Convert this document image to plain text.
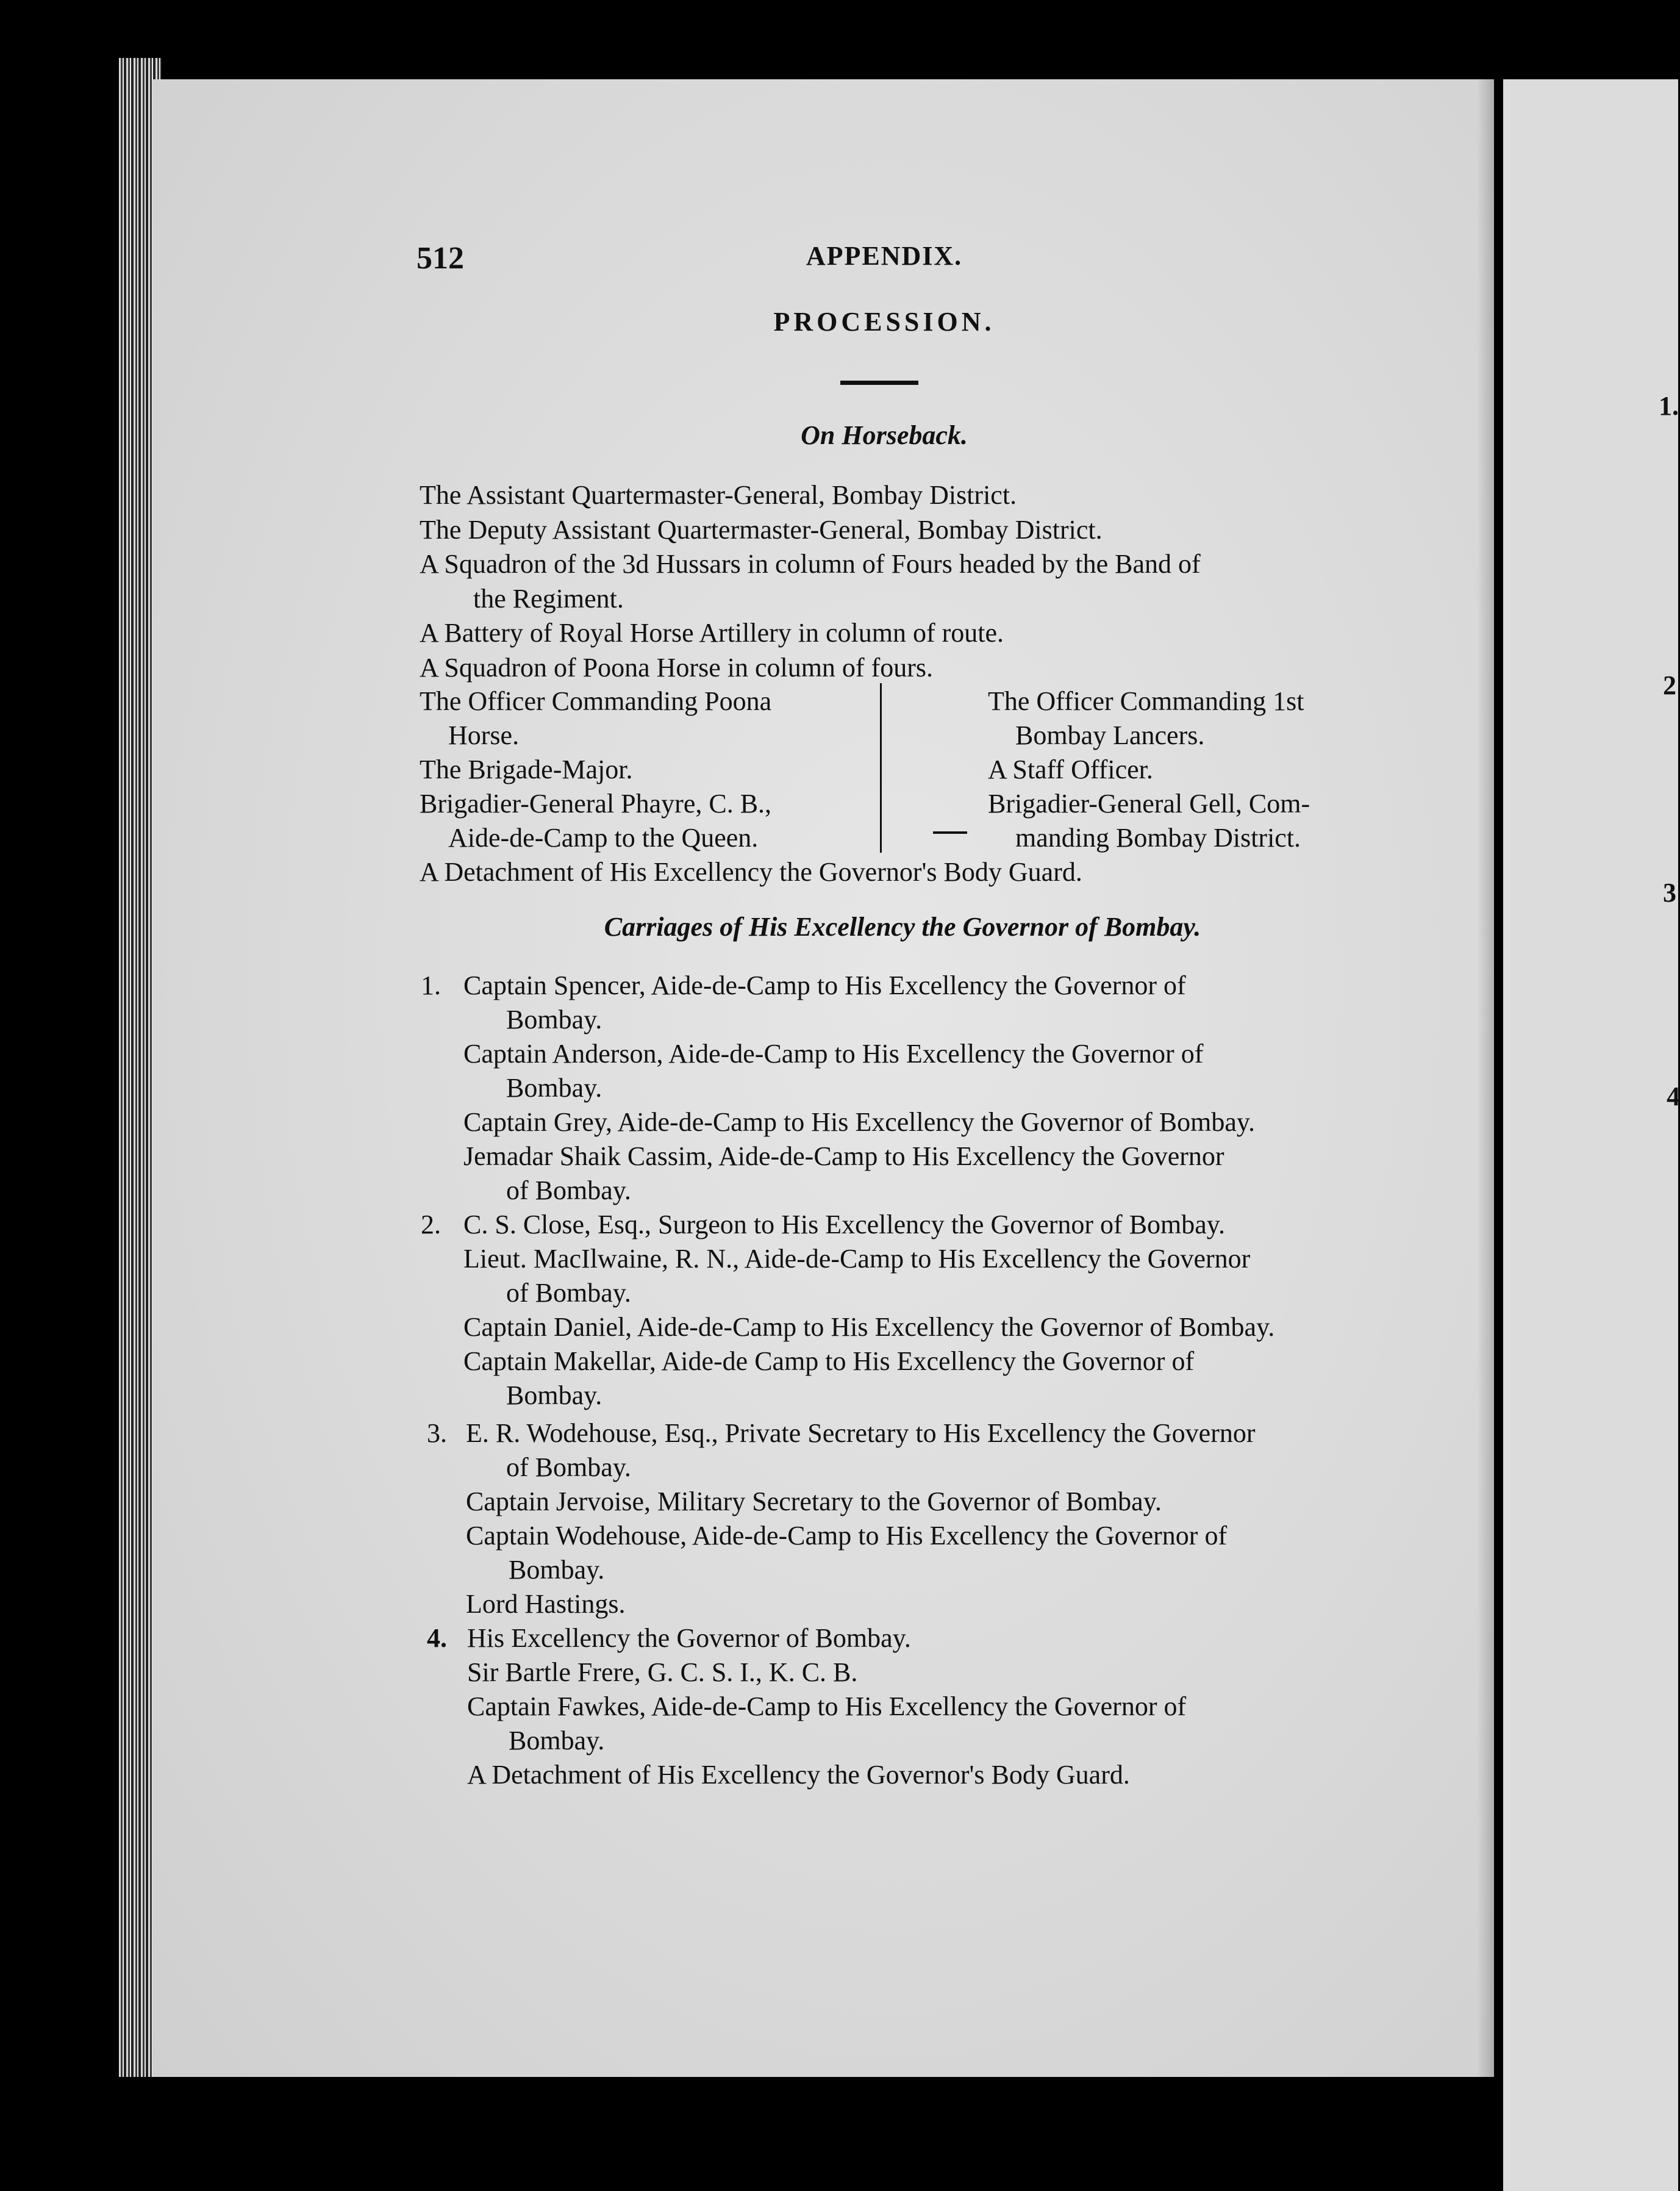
1.
2
3
4
512	APPENDIX.
PROCESSION.
On Horseback.
The Assistant Quartermaster-General, Bombay District.
The Deputy Assistant Quartermaster-General, Bombay District.
A Squadron of the 3d Hussars in column of Fours headed by the Band of
the Regiment.
A Battery of Royal Horse Artillery in column of route.
A Squadron of Poona Horse in column of fours.
The Officer Commanding Poona
Horse.
The Brigade-Major.
Brigadier-General Phayre, C. B.,
Aide-de-Camp to the Queen.
The Officer Commanding 1st
Bombay Lancers.
A Staff Officer.
Brigadier-General Gell, Com-
manding Bombay District.
A Detachment of His Excellency the Governor's Body Guard.
Carriages of His Excellency the Governor of Bombay.
1. Captain Spencer, Aide-de-Camp to His Excellency the Governor of
Bombay.
Captain Anderson, Aide-de-Camp to His Excellency the Governor of
Bombay.
Captain Grey, Aide-de-Camp to His Excellency the Governor of Bombay.
Jemadar Shaik Cassim, Aide-de-Camp to His Excellency the Governor
of Bombay.
2. C. S. Close, Esq., Surgeon to His Excellency the Governor of Bombay.
Lieut. MacIlwaine, R. N., Aide-de-Camp to His Excellency the Governor
of Bombay.
Captain Daniel, Aide-de-Camp to His Excellency the Governor of Bombay.
Captain Makellar, Aide-de Camp to His Excellency the Governor of
Bombay.
3. E. R. Wodehouse, Esq., Private Secretary to His Excellency the Governor
of Bombay.
Captain Jervoise, Military Secretary to the Governor of Bombay.
Captain Wodehouse, Aide-de-Camp to His Excellency the Governor of
Bombay.
Lord Hastings.
4. His Excellency the Governor of Bombay.
Sir Bartle Frere, G. C. S. I., K. C. B.
Captain Fawkes, Aide-de-Camp to His Excellency the Governor of
Bombay.
A Detachment of His Excellency the Governor's Body Guard.
